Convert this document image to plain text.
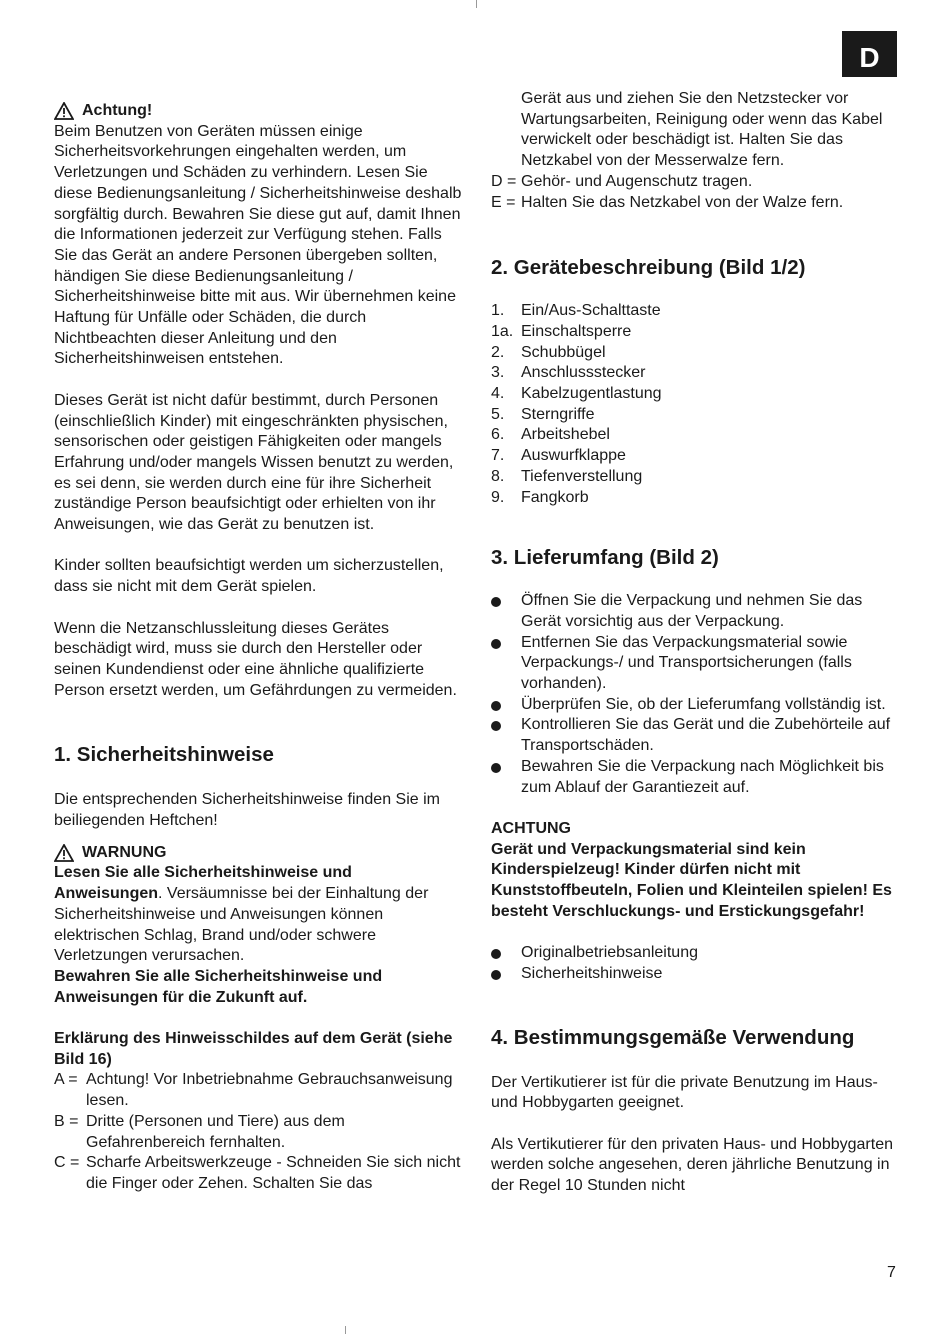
D
Achtung!

Beim Benutzen von Geräten müssen einige Sicherheitsvorkehrungen eingehalten werden, um Verletzungen und Schäden zu verhindern. Lesen Sie diese Bedienungsanleitung / Sicherheitshinweise deshalb sorgfältig durch. Bewahren Sie diese gut auf, damit Ihnen die Informationen jederzeit zur Verfügung stehen. Falls Sie das Gerät an andere Personen übergeben sollten, händigen Sie diese Bedienungsanleitung / Sicherheitshinweise bitte mit aus. Wir übernehmen keine Haftung für Unfälle oder Schäden, die durch Nichtbeachten dieser Anleitung und den Sicherheitshinweisen entstehen.

Dieses Gerät ist nicht dafür bestimmt, durch Personen (einschließlich Kinder) mit eingeschränkten physischen, sensorischen oder geistigen Fähigkeiten oder mangels Erfahrung und/oder mangels Wissen benutzt zu werden, es sei denn, sie werden durch eine für ihre Sicherheit zuständige Person beaufsichtigt oder erhielten von ihr Anweisungen, wie das Gerät zu benutzen ist.

Kinder sollten beaufsichtigt werden um sicherzustellen, dass sie nicht mit dem Gerät spielen.

Wenn die Netzanschlussleitung dieses Gerätes beschädigt wird, muss sie durch den Hersteller oder seinen Kundendienst oder eine ähnliche qualifizierte Person ersetzt werden, um Gefährdungen zu vermeiden.

1. Sicherheitshinweise

Die entsprechenden Sicherheitshinweise finden Sie im beiliegenden Heftchen!

WARNUNG

Lesen Sie alle Sicherheitshinweise und Anweisungen. Versäumnisse bei der Einhaltung der Sicherheitshinweise und Anweisungen können elektrischen Schlag, Brand und/oder schwere Verletzungen verursachen.

Bewahren Sie alle Sicherheitshinweise und Anweisungen für die Zukunft auf.

Erklärung des Hinweisschildes auf dem Gerät (siehe Bild 16)

A = Achtung! Vor Inbetriebnahme Gebrauchsanweisung lesen.
B = Dritte (Personen und Tiere) aus dem Gefahrenbereich fernhalten.
C = Scharfe Arbeitswerkzeuge - Schneiden Sie sich nicht die Finger oder Zehen. Schalten Sie das

Gerät aus und ziehen Sie den Netzstecker vor Wartungsarbeiten, Reinigung oder wenn das Kabel verwickelt oder beschädigt ist. Halten Sie das Netzkabel von der Messerwalze fern.

D = Gehör- und Augenschutz tragen.
E = Halten Sie das Netzkabel von der Walze fern.
2. Gerätebeschreibung (Bild 1/2)
1.	Ein/Aus-Schalttaste
1a. Einschaltsperre
2.	Schubbügel
3.	Anschlussstecker
4.	Kabelzugentlastung
5.	Sterngriffe
6.	Arbeitshebel
7.	Auswurfklappe
8.	Tiefenverstellung
9.	Fangkorb
3. Lieferumfang (Bild 2)
Öffnen Sie die Verpackung und nehmen Sie das Gerät vorsichtig aus der Verpackung.
Entfernen Sie das Verpackungsmaterial sowie Verpackungs-/ und Transportsicherungen (falls vorhanden).
Überprüfen Sie, ob der Lieferumfang vollständig ist.
Kontrollieren Sie das Gerät und die Zubehörteile auf Transportschäden.
Bewahren Sie die Verpackung nach Möglichkeit bis zum Ablauf der Garantiezeit auf.

ACHTUNG

Gerät und Verpackungsmaterial sind kein Kinderspielzeug! Kinder dürfen nicht mit Kunststoffbeuteln, Folien und Kleinteilen spielen! Es besteht Verschluckungs- und Erstickungsgefahr!

Originalbetriebsanleitung
Sicherheitshinweise
4. Bestimmungsgemäße Verwendung

Der Vertikutierer ist für die private Benutzung im Haus- und Hobbygarten geeignet.

Als Vertikutierer für den privaten Haus- und Hobbygarten werden solche angesehen, deren jährliche Benutzung in der Regel 10 Stunden nicht

7
